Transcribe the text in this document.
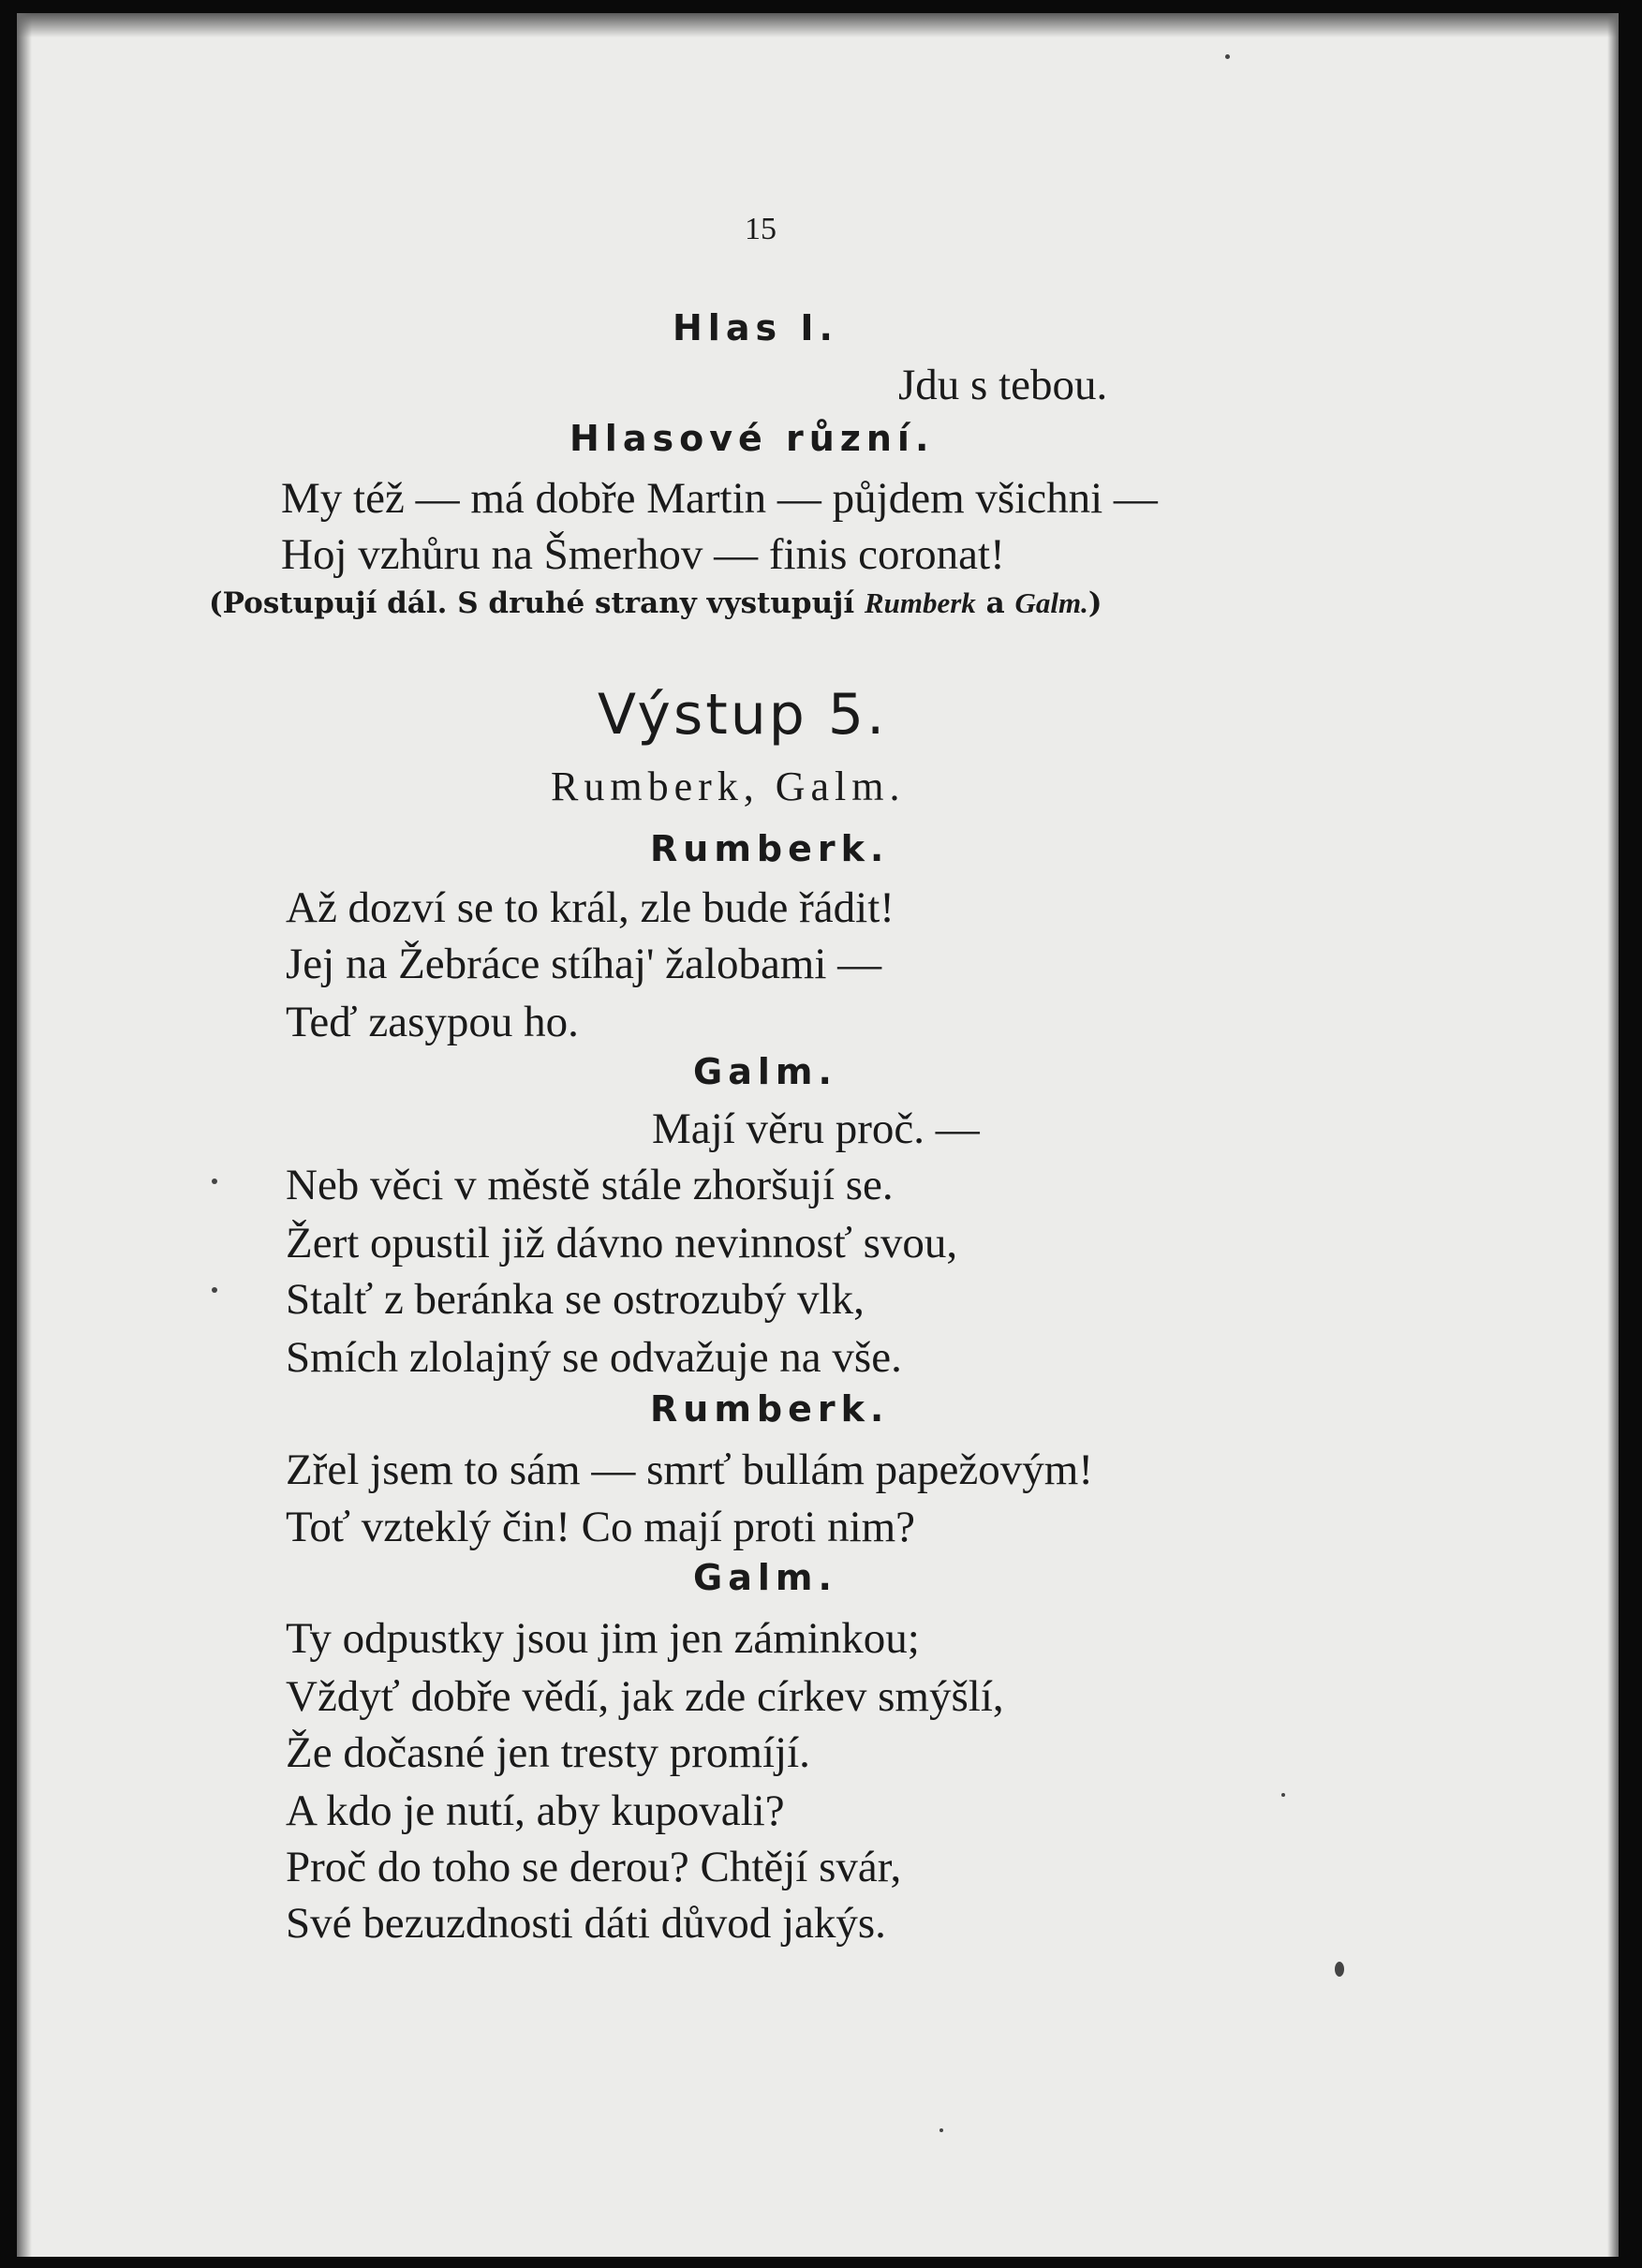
15
Hlas I.
Jdu s tebou.
Hlasové různí.
My též — má dobře Martin — půjdem všichni —
Hoj vzhůru na Šmerhov — finis coronat!
(Postupují dál. S druhé strany vystupují Rumberk a Galm.)
Výstup 5.
Rumberk, Galm.
Rumberk.
Až dozví se to král, zle bude řádit!
Jej na Žebráce stíhaj' žalobami —
Teď zasypou ho.
Galm.
Mají věru proč. —
Neb věci v městě stále zhoršují se.
Žert opustil již dávno nevinnosť svou,
Stalť z beránka se ostrozubý vlk,
Smích zlolajný se odvažuje na vše.
Rumberk.
Zřel jsem to sám — smrť bullám papežovým!
Toť vzteklý čin! Co mají proti nim?
Galm.
Ty odpustky jsou jim jen záminkou;
Vždyť dobře vědí, jak zde církev smýšlí,
Že dočasné jen tresty promíjí.
A kdo je nutí, aby kupovali?
Proč do toho se derou? Chtějí svár,
Své bezuzdnosti dáti důvod jakýs.
